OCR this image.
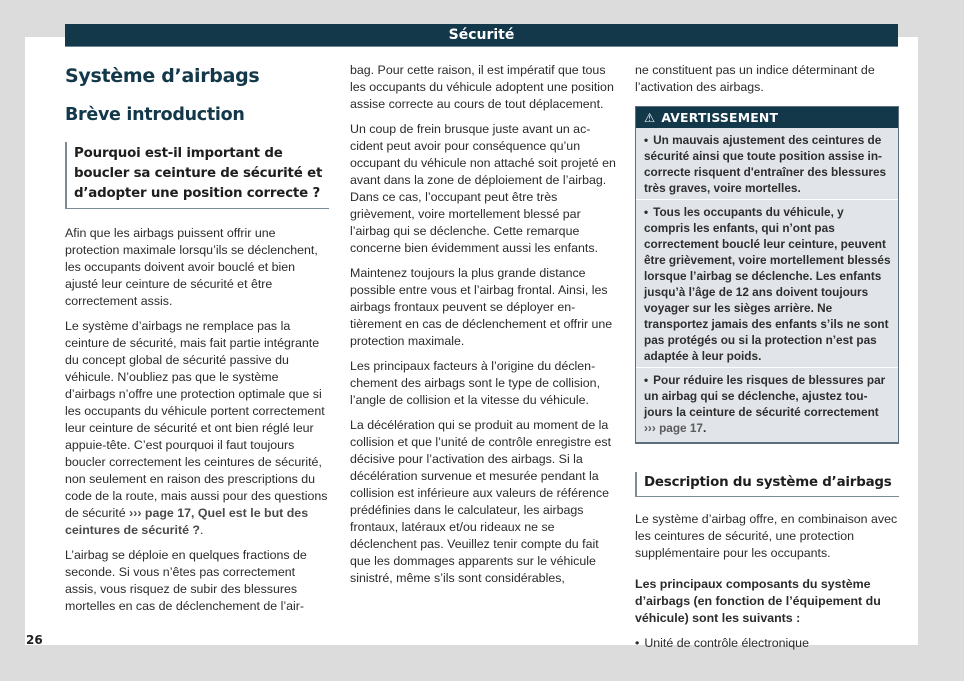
Sécurité
Système d’airbags
Brève introduction
Pourquoi est-il important de boucler sa ceinture de sécurité et d’adopter une position correcte ?

Afin que les airbags puissent offrir une protection maximale lorsqu’ils se déclenchent, les occupants doivent avoir bouclé et bien ajusté leur ceinture de sécurité et être correctement assis.

Le système d’airbags ne remplace pas la ceinture de sécurité, mais fait partie intégrante du concept global de sécurité passive du véhicule. N’oubliez pas que le système d’airbags n’offre une protection optimale que si les occupants du véhicule portent correctement leur ceinture de sécurité et ont bien réglé leur appuie-tête. C’est pourquoi il faut toujours boucler correctement les ceintures de sécurité, non seulement en raison des prescriptions du code de la route, mais aussi pour des questions de sécurité ››› page 17, Quel est le but des ceintures de sécurité ?.

L’airbag se déploie en quelques fractions de seconde. Si vous n’êtes pas correctement assis, vous risquez de subir des blessures mortelles en cas de déclenchement de l’air-

bag. Pour cette raison, il est impératif que tous les occupants du véhicule adoptent une position assise correcte au cours de tout déplacement.

Un coup de frein brusque juste avant un accident peut avoir pour conséquence qu’un occupant du véhicule non attaché soit projeté en avant dans la zone de déploiement de l’airbag. Dans ce cas, l’occupant peut être très grièvement, voire mortellement blessé par l’airbag qui se déclenche. Cette remarque concerne bien évidemment aussi les enfants.

Maintenez toujours la plus grande distance possible entre vous et l’airbag frontal. Ainsi, les airbags frontaux peuvent se déployer entièrement en cas de déclenchement et offrir une protection maximale.

Les principaux facteurs à l’origine du déclenchement des airbags sont le type de collision, l’angle de collision et la vitesse du véhicule.

La décélération qui se produit au moment de la collision et que l’unité de contrôle enregistre est décisive pour l’activation des airbags. Si la décélération survenue et mesurée pendant la collision est inférieure aux valeurs de référence prédéfinies dans le calculateur, les airbags frontaux, latéraux et/ou rideaux ne se déclenchent pas. Veuillez tenir compte du fait que les dommages apparents sur le véhicule sinistré, même s’ils sont considérables,

ne constituent pas un indice déterminant de l’activation des airbags.

⚠ AVERTISSEMENT
• Un mauvais ajustement des ceintures de sécurité ainsi que toute position assise incorrecte risquent d'entraîner des blessures très graves, voire mortelles.
• Tous les occupants du véhicule, y compris les enfants, qui n’ont pas correctement bouclé leur ceinture, peuvent être grièvement, voire mortellement blessés lorsque l’airbag se déclenche. Les enfants jusqu’à l’âge de 12 ans doivent toujours voyager sur les sièges arrière. Ne transportez jamais des enfants s’ils ne sont pas protégés ou si la protection n’est pas adaptée à leur poids.
• Pour réduire les risques de blessures par un airbag qui se déclenche, ajustez toujours la ceinture de sécurité correctement ››› page 17.
Description du système d’airbags

Le système d’airbag offre, en combinaison avec les ceintures de sécurité, une protection supplémentaire pour les occupants.

Les principaux composants du système d’airbags (en fonction de l’équipement du véhicule) sont les suivants :

• Unité de contrôle électronique

26
